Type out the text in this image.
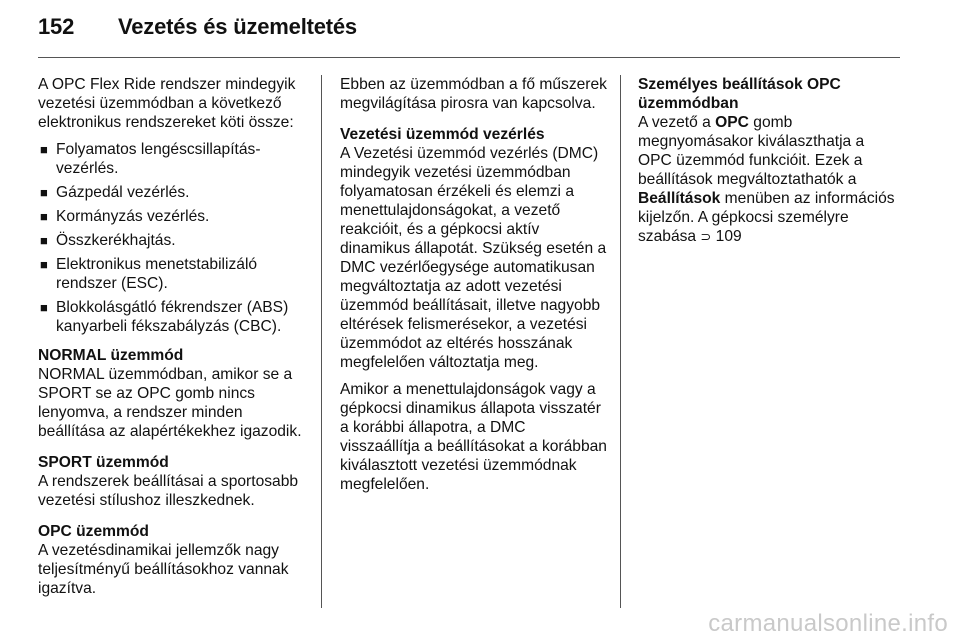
152 Vezetés és üzemeltetés

A OPC Flex Ride rendszer mindegyik vezetési üzemmódban a következő elektronikus rendszereket köti össze:

■ Folyamatos lengéscsillapítás-vezérlés.
■ Gázpedál vezérlés.
■ Kormányzás vezérlés.
■ Összkerékhajtás.
■ Elektronikus menetstabilizáló rendszer (ESC).
■ Blokkolásgátló fékrendszer (ABS) kanyarbeli fékszabályzás (CBC).

NORMAL üzemmód
NORMAL üzemmódban, amikor se a SPORT se az OPC gomb nincs lenyomva, a rendszer minden beállítása az alapértékekhez igazodik.

SPORT üzemmód
A rendszerek beállításai a sportosabb vezetési stílushoz illeszkednek.

OPC üzemmód
A vezetésdinamikai jellemzők nagy teljesítményű beállításokhoz vannak igazítva.

Ebben az üzemmódban a fő műszerek megvilágítása pirosra van kapcsolva.

Vezetési üzemmód vezérlés
A Vezetési üzemmód vezérlés (DMC) mindegyik vezetési üzemmódban folyamatosan érzékeli és elemzi a menettulajdonságokat, a vezető reakcióit, és a gépkocsi aktív dinamikus állapotát. Szükség esetén a DMC vezérlőegysége automatikusan megváltoztatja az adott vezetési üzemmód beállításait, illetve nagyobb eltérések felismerésekor, a vezetési üzemmódot az eltérés hosszának megfelelően változtatja meg.

Amikor a menettulajdonságok vagy a gépkocsi dinamikus állapota visszatér a korábbi állapotra, a DMC visszaállítja a beállításokat a korábban kiválasztott vezetési üzemmódnak megfelelően.

Személyes beállítások OPC üzemmódban
A vezető a OPC gomb megnyomásakor kiválaszthatja a OPC üzemmód funkcióit. Ezek a beállítások megváltoztathatók a Beállítások menüben az információs kijelzőn. A gépkocsi személyre szabása ⊃ 109

carmanualsonline.info
